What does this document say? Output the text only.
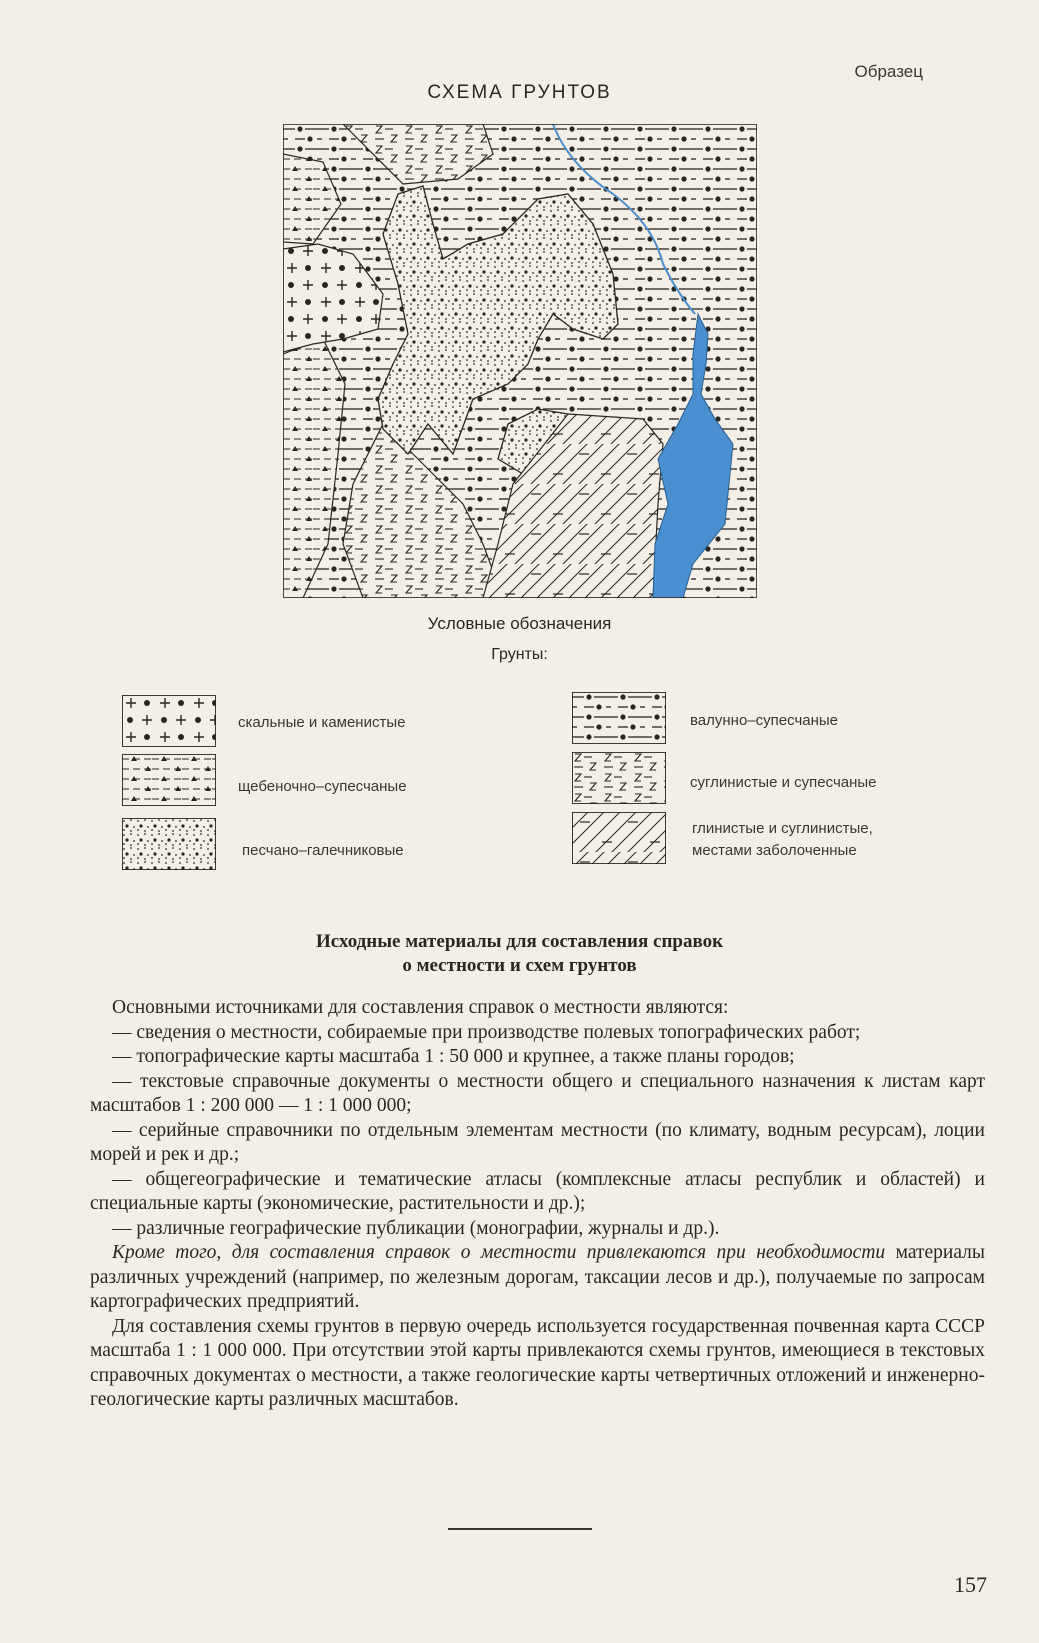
Образец
СХЕМА ГРУНТОВ
Условные обозначения
Грунты:
скальные и каменистые
щебеночно–супесчаные
песчано–галечниковые
валунно–супесчаные
суглинистые и супесчаные
глинистые и суглинистые,
местами заболоченные
Исходные материалы для составления справок
о местности и схем грунтов

Основными источниками для составления справок о местности являются:

— сведения о местности, собираемые при производстве полевых топографических работ;

— топографические карты масштаба 1 : 50 000 и крупнее, а также планы городов;

— текстовые справочные документы о местности общего и специального назначения к листам карт масштабов 1 : 200 000 — 1 : 1 000 000;

— серийные справочники по отдельным элементам местности (по климату, водным ресурсам), лоции морей и рек и др.;

— общегеографические и тематические атласы (комплексные атласы республик и областей) и специальные карты (экономические, растительности и др.);

— различные географические публикации (монографии, журналы и др.).

Кроме того, для составления справок о местности привлекаются при необходимости материалы различных учреждений (например, по железным дорогам, таксации лесов и др.), получаемые по запросам картографических предприятий.

Для составления схемы грунтов в первую очередь используется государственная почвенная карта СССР масштаба 1 : 1 000 000. При отсутствии этой карты привлекаются схемы грунтов, имеющиеся в текстовых справочных документах о местности, а также геологические карты четвертичных отложений и инженерно-геологические карты различных масштабов.

157
